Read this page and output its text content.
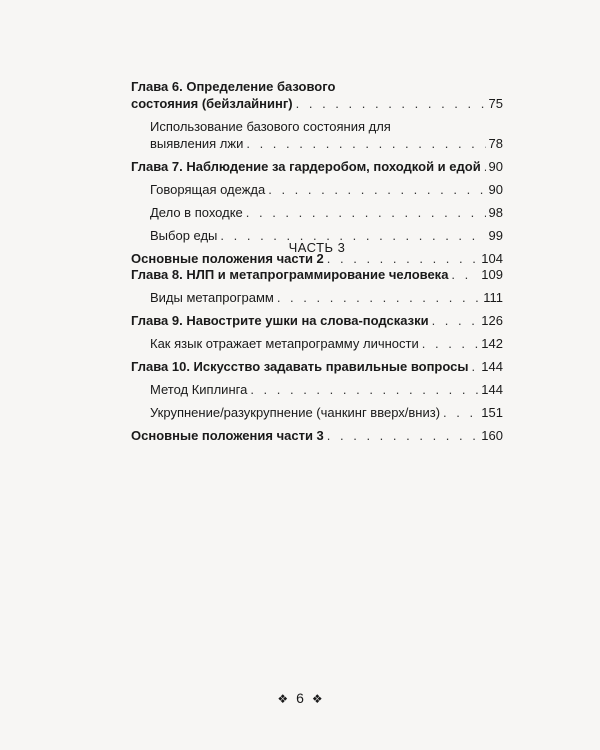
Глава 6. Определение базового
состояния (бейзлайнинг) . . .	75
Использование базового состояния для
выявления лжи . . .	78
Глава 7. Наблюдение за гардеробом, походкой и едой . . . 90
Говорящая одежда . . .	90
Дело в походке . . .	98
Выбор еды . . .	99
Основные положения части 2 . . .	104
ЧАСТЬ 3
Глава 8. НЛП и метапрограммирование человека . . .	109
Виды метапрограмм . . .	111
Глава 9. Навострите ушки на слова-подсказки . . .	126
Как язык отражает метапрограмму личности . . .	142
Глава 10. Искусство задавать правильные вопросы . . . 144
Метод Киплинга . . .	144
Укрупнение/разукрупнение (чанкинг вверх/вниз) . . .	151
Основные положения части 3 . . .	160
❖ 6 ❖
